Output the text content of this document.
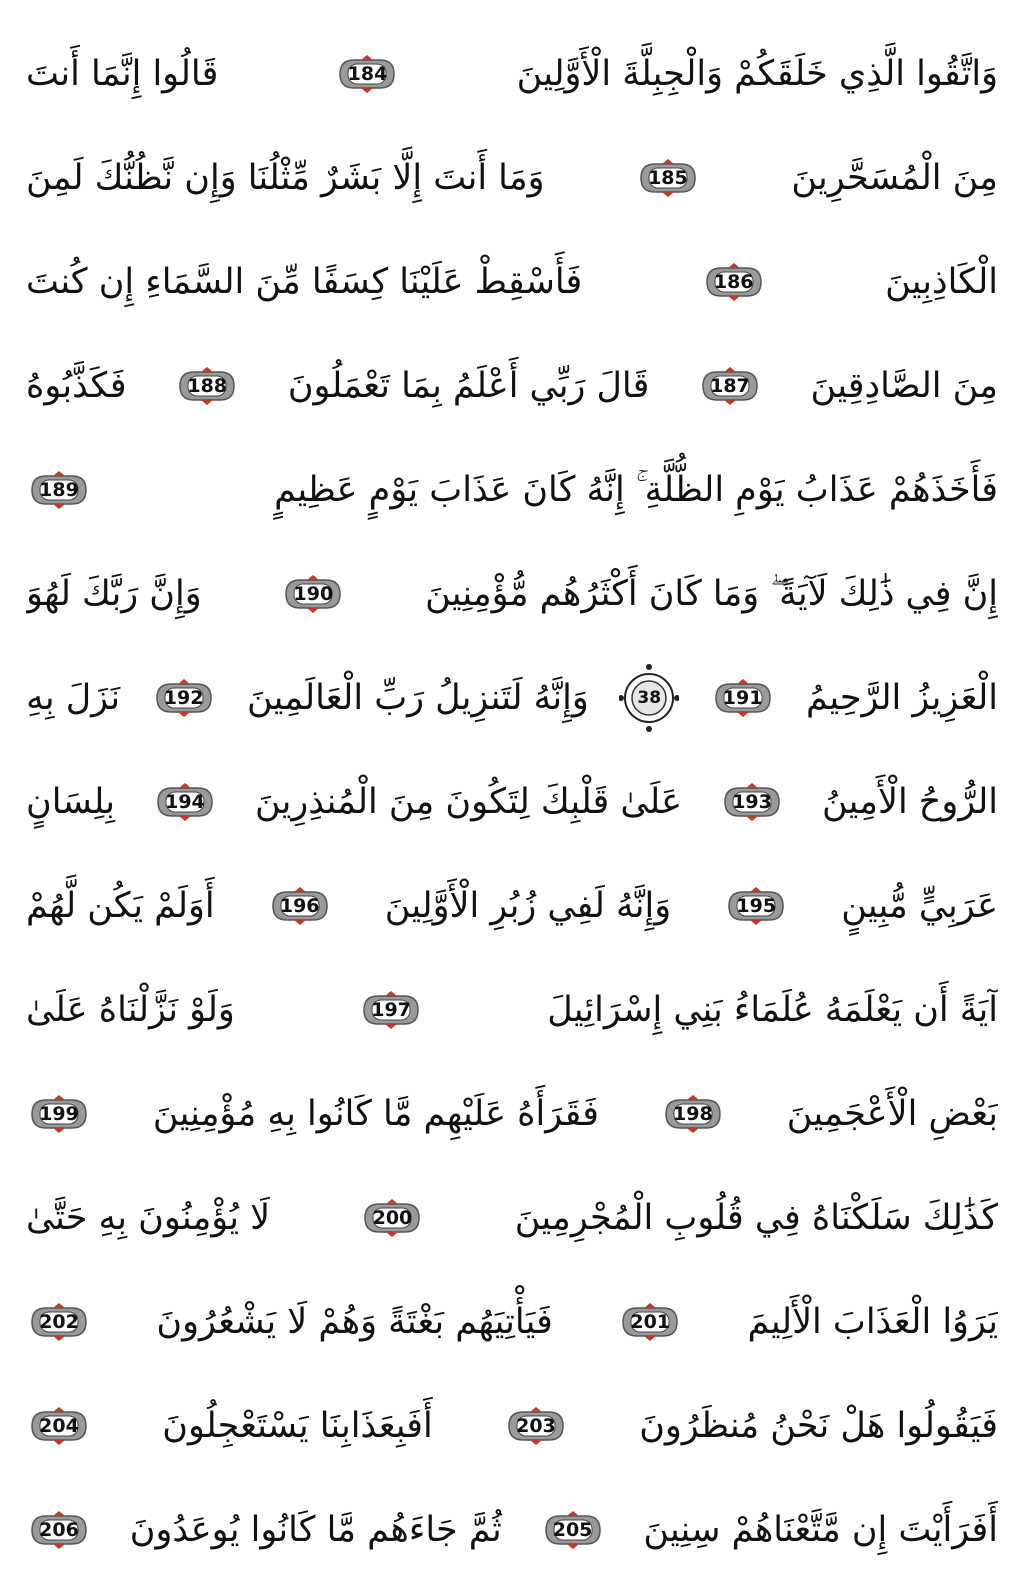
وَاتَّقُوا الَّذِي خَلَقَكُمْ وَالْجِبِلَّةَ الْأَوَّلِينَ
184
قَالُوا إِنَّمَا أَنتَ
مِنَ الْمُسَحَّرِينَ
185
وَمَا أَنتَ إِلَّا بَشَرٌ مِّثْلُنَا وَإِن نَّظُنُّكَ لَمِنَ
الْكَاذِبِينَ
186
فَأَسْقِطْ عَلَيْنَا كِسَفًا مِّنَ السَّمَاءِ إِن كُنتَ
مِنَ الصَّادِقِينَ
187
قَالَ رَبِّي أَعْلَمُ بِمَا تَعْمَلُونَ
188
فَكَذَّبُوهُ
فَأَخَذَهُمْ عَذَابُ يَوْمِ الظُّلَّةِ ۚ إِنَّهُ كَانَ عَذَابَ يَوْمٍ عَظِيمٍ
189
إِنَّ فِي ذَٰلِكَ لَآيَةً ۖ وَمَا كَانَ أَكْثَرُهُم مُّؤْمِنِينَ
190
وَإِنَّ رَبَّكَ لَهُوَ
الْعَزِيزُ الرَّحِيمُ
191
38
وَإِنَّهُ لَتَنزِيلُ رَبِّ الْعَالَمِينَ
192
نَزَلَ بِهِ
الرُّوحُ الْأَمِينُ
193
عَلَىٰ قَلْبِكَ لِتَكُونَ مِنَ الْمُنذِرِينَ
194
بِلِسَانٍ
عَرَبِيٍّ مُّبِينٍ
195
وَإِنَّهُ لَفِي زُبُرِ الْأَوَّلِينَ
196
أَوَلَمْ يَكُن لَّهُمْ
آيَةً أَن يَعْلَمَهُ عُلَمَاءُ بَنِي إِسْرَائِيلَ
197
وَلَوْ نَزَّلْنَاهُ عَلَىٰ
بَعْضِ الْأَعْجَمِينَ
198
فَقَرَأَهُ عَلَيْهِم مَّا كَانُوا بِهِ مُؤْمِنِينَ
199
كَذَٰلِكَ سَلَكْنَاهُ فِي قُلُوبِ الْمُجْرِمِينَ
200
لَا يُؤْمِنُونَ بِهِ حَتَّىٰ
يَرَوُا الْعَذَابَ الْأَلِيمَ
201
فَيَأْتِيَهُم بَغْتَةً وَهُمْ لَا يَشْعُرُونَ
202
فَيَقُولُوا هَلْ نَحْنُ مُنظَرُونَ
203
أَفَبِعَذَابِنَا يَسْتَعْجِلُونَ
204
أَفَرَأَيْتَ إِن مَّتَّعْنَاهُمْ سِنِينَ
205
ثُمَّ جَاءَهُم مَّا كَانُوا يُوعَدُونَ
206
